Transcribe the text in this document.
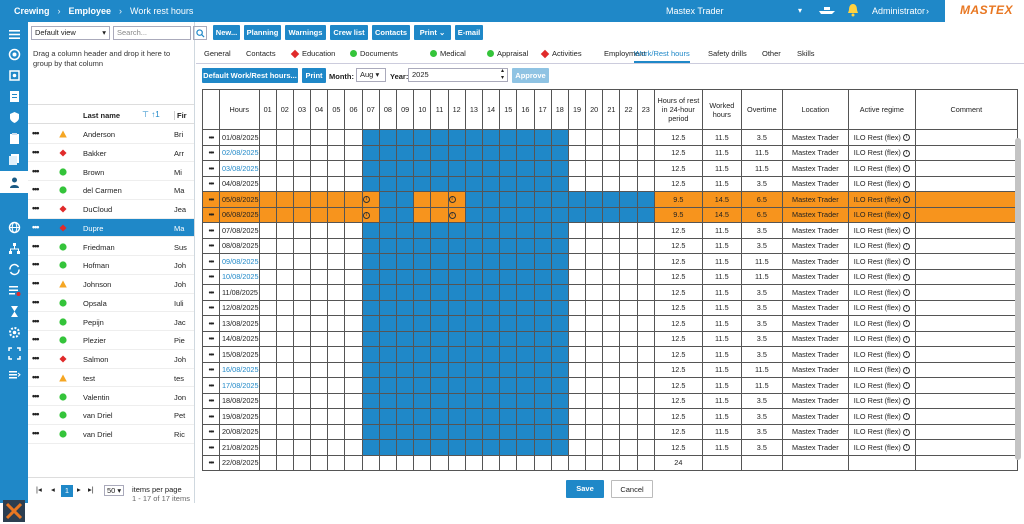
Crewing › Employee › Work rest hours	Mastex Trader	▾	Administrator ›	MASTEX
Default view	▾	Search...
Drag a column header and drop it here to group by that column
Last name	⊤ ↑1	Fir
•••	Anderson	Bri
•••	Bakker	Arr
•••	Brown	Mi
•••	del Carmen	Ma
•••	DuCloud	Jea
•••	Dupre	Ma
•••	Friedman	Sus
•••	Hofman	Joh
•••	Johnson	Joh
•••	Opsala	Iuli
•••	Pepijn	Jac
•••	Plezier	Pie
•••	Salmon	Joh
•••	test	tes
•••	Valentin	Jon
•••	van Driel	Pet
•••	van Driel	Ric
|◂ ◂	1	▸ ▸|	50 ▾	items per page
1 - 17 of 17 items
New...	Planning	Warnings	Crew list	Contacts	Print ⌄	E-mail
General Contacts	Education	Documents	Medical	Appraisal	Activities	Employment
Work/Rest hours Safety drills Other Skills
Default Work/Rest hours...	Print Month: Aug ▾	Year: 2025	▴
▾	Approve
	Hours	01	02	03	04	05	06	07	08	09	10	11	12	13	14	15	16	17	18	19	20	21	22	23	Hours of rest in 24-hour period	Worked hours	Overtime	Location	Active regime	Comment
•••	01/08/2025																								12.5	11.5	3.5	Mastex Trader	ILO Rest (flex) i	
•••	02/08/2025																								12.5	11.5	11.5	Mastex Trader	ILO Rest (flex) i	
•••	03/08/2025																								12.5	11.5	11.5	Mastex Trader	ILO Rest (flex) i	
•••	04/08/2025																								12.5	11.5	3.5	Mastex Trader	ILO Rest (flex) i	
•••	05/08/2025							i					i												9.5	14.5	6.5	Mastex Trader	ILO Rest (flex) i	
•••	06/08/2025							i					i												9.5	14.5	6.5	Mastex Trader	ILO Rest (flex) i	
•••	07/08/2025																								12.5	11.5	3.5	Mastex Trader	ILO Rest (flex) i	
•••	08/08/2025																								12.5	11.5	3.5	Mastex Trader	ILO Rest (flex) i	
•••	09/08/2025																								12.5	11.5	11.5	Mastex Trader	ILO Rest (flex) i	
•••	10/08/2025																								12.5	11.5	11.5	Mastex Trader	ILO Rest (flex) i	
•••	11/08/2025																								12.5	11.5	3.5	Mastex Trader	ILO Rest (flex) i	
•••	12/08/2025																								12.5	11.5	3.5	Mastex Trader	ILO Rest (flex) i	
•••	13/08/2025																								12.5	11.5	3.5	Mastex Trader	ILO Rest (flex) i	
•••	14/08/2025																								12.5	11.5	3.5	Mastex Trader	ILO Rest (flex) i	
•••	15/08/2025																								12.5	11.5	3.5	Mastex Trader	ILO Rest (flex) i	
•••	16/08/2025																								12.5	11.5	11.5	Mastex Trader	ILO Rest (flex) i	
•••	17/08/2025																								12.5	11.5	11.5	Mastex Trader	ILO Rest (flex) i	
•••	18/08/2025																								12.5	11.5	3.5	Mastex Trader	ILO Rest (flex) i	
•••	19/08/2025																								12.5	11.5	3.5	Mastex Trader	ILO Rest (flex) i	
•••	20/08/2025																								12.5	11.5	3.5	Mastex Trader	ILO Rest (flex) i	
•••	21/08/2025																								12.5	11.5	3.5	Mastex Trader	ILO Rest (flex) i	
•••	22/08/2025																								24					
Save	Cancel
